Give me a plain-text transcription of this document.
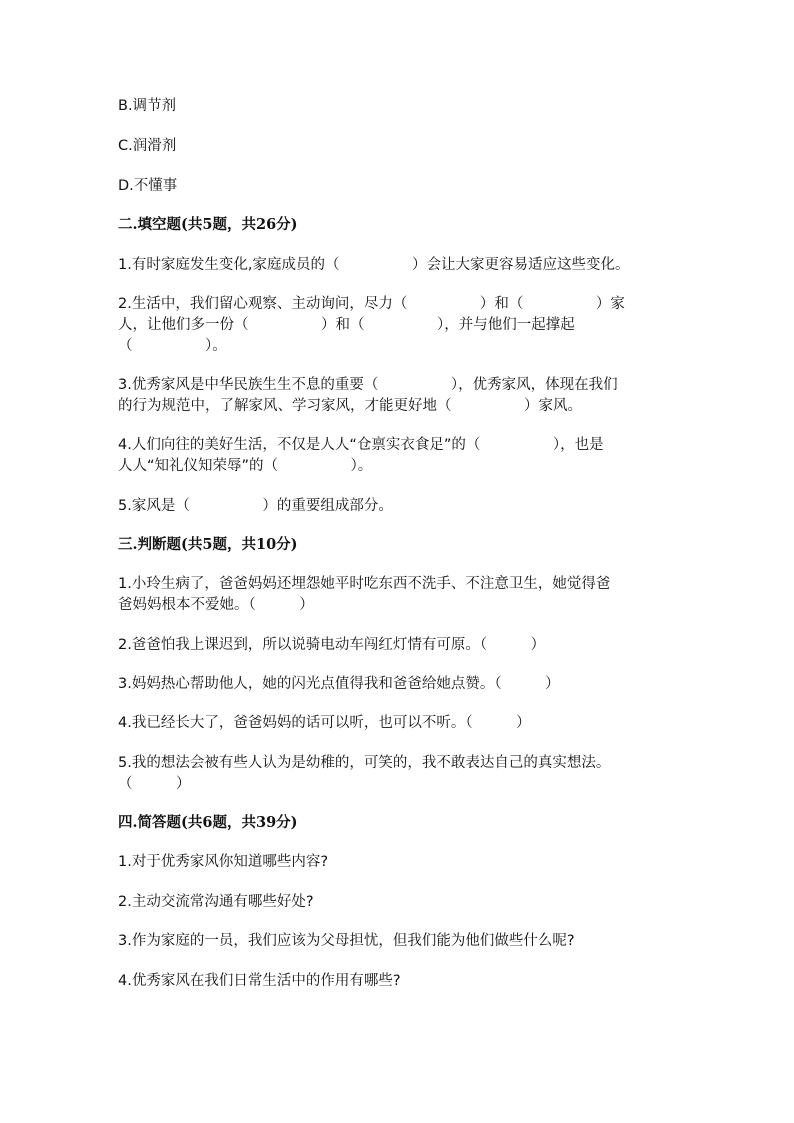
B.调节剂
C.润滑剂
D.不懂事
二.填空题(共5题，共26分)
1.有时家庭发生变化,家庭成员的（　　　　　）会让大家更容易适应这些变化。
2.生活中，我们留心观察、主动询问，尽力（　　　　　）和（　　　　　）家
人，让他们多一份（　　　　　）和（　　　　　），并与他们一起撑起
（　　　　　）。
3.优秀家风是中华民族生生不息的重要（　　　　　），优秀家风，体现在我们
的行为规范中，了解家风、学习家风，才能更好地（　　　　　）家风。
4.人们向往的美好生活，不仅是人人“仓禀实衣食足”的（　　　　　），也是
人人“知礼仪知荣辱”的（　　　　　）。
5.家风是（　　　　　）的重要组成部分。
三.判断题(共5题，共10分)
1.小玲生病了，爸爸妈妈还埋怨她平时吃东西不洗手、不注意卫生，她觉得爸
爸妈妈根本不爱她。（　　　）
2.爸爸怕我上课迟到，所以说骑电动车闯红灯情有可原。（　　　）
3.妈妈热心帮助他人，她的闪光点值得我和爸爸给她点赞。（　　　）
4.我已经长大了，爸爸妈妈的话可以听，也可以不听。（　　　）
5.我的想法会被有些人认为是幼稚的，可笑的，我不敢表达自己的真实想法。
（　　　）
四.简答题(共6题，共39分)
1.对于优秀家风你知道哪些内容?
2.主动交流常沟通有哪些好处?
3.作为家庭的一员，我们应该为父母担忧，但我们能为他们做些什么呢?
4.优秀家风在我们日常生活中的作用有哪些?
